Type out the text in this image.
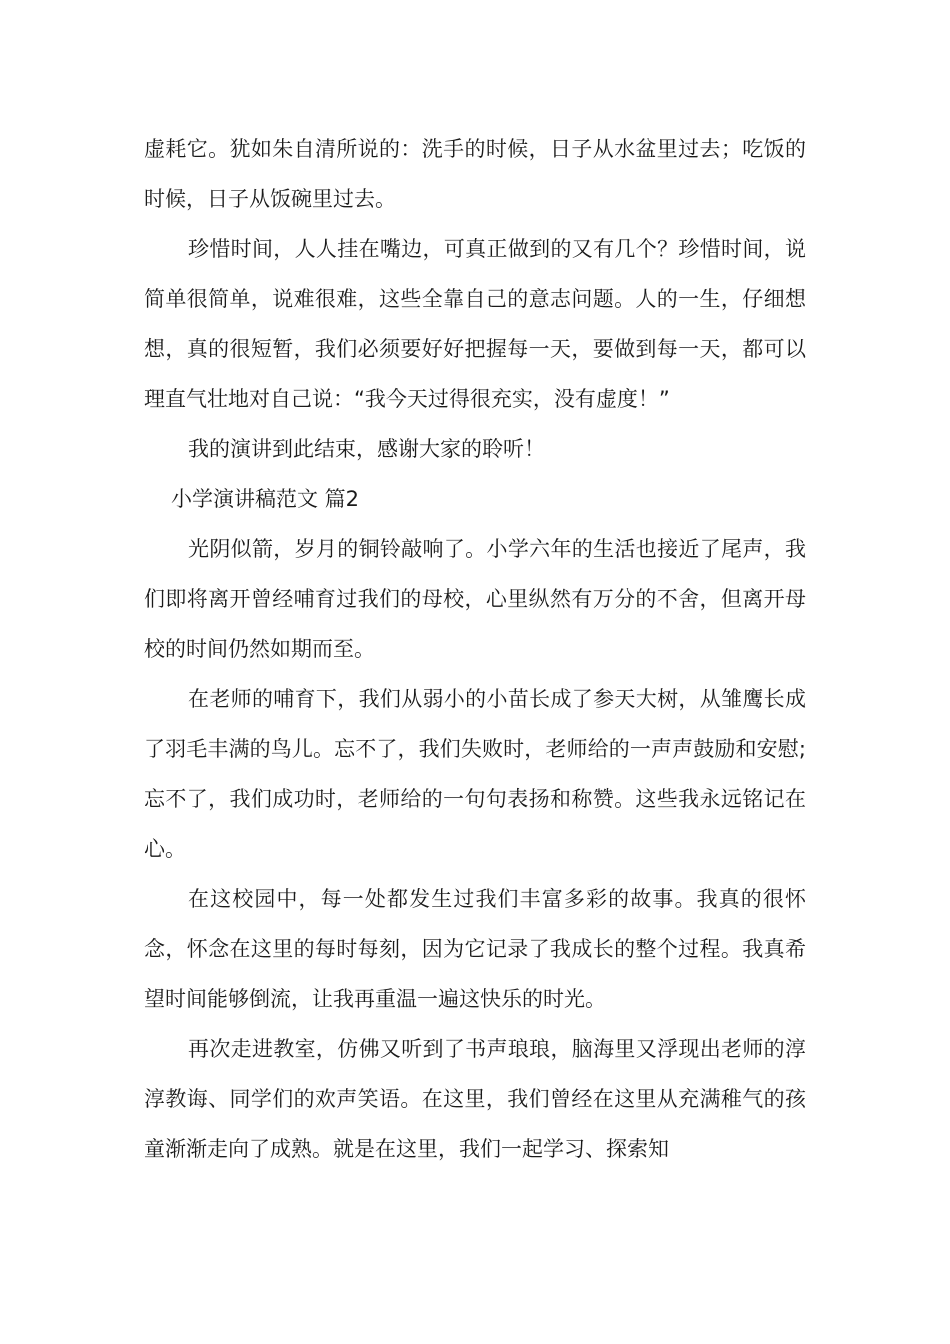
虚耗它。犹如朱自清所说的：洗手的时候，日子从水盆里过去；吃饭的时候，日子从饭碗里过去。

珍惜时间，人人挂在嘴边，可真正做到的又有几个？珍惜时间，说简单很简单，说难很难，这些全靠自己的意志问题。人的一生，仔细想想，真的很短暂，我们必须要好好把握每一天，要做到每一天，都可以理直气壮地对自己说：“我今天过得很充实，没有虚度！”

我的演讲到此结束，感谢大家的聆听！

小学演讲稿范文 篇2

光阴似箭，岁月的铜铃敲响了。小学六年的生活也接近了尾声，我们即将离开曾经哺育过我们的母校，心里纵然有万分的不舍，但离开母校的时间仍然如期而至。

在老师的哺育下，我们从弱小的小苗长成了参天大树，从雏鹰长成了羽毛丰满的鸟儿。忘不了，我们失败时，老师给的一声声鼓励和安慰;忘不了，我们成功时，老师给的一句句表扬和称赞。这些我永远铭记在心。

在这校园中，每一处都发生过我们丰富多彩的故事。我真的很怀念，怀念在这里的每时每刻，因为它记录了我成长的整个过程。我真希望时间能够倒流，让我再重温一遍这快乐的时光。

再次走进教室，仿佛又听到了书声琅琅，脑海里又浮现出老师的淳淳教诲、同学们的欢声笑语。在这里，我们曾经在这里从充满稚气的孩童渐渐走向了成熟。就是在这里，我们一起学习、探索知
